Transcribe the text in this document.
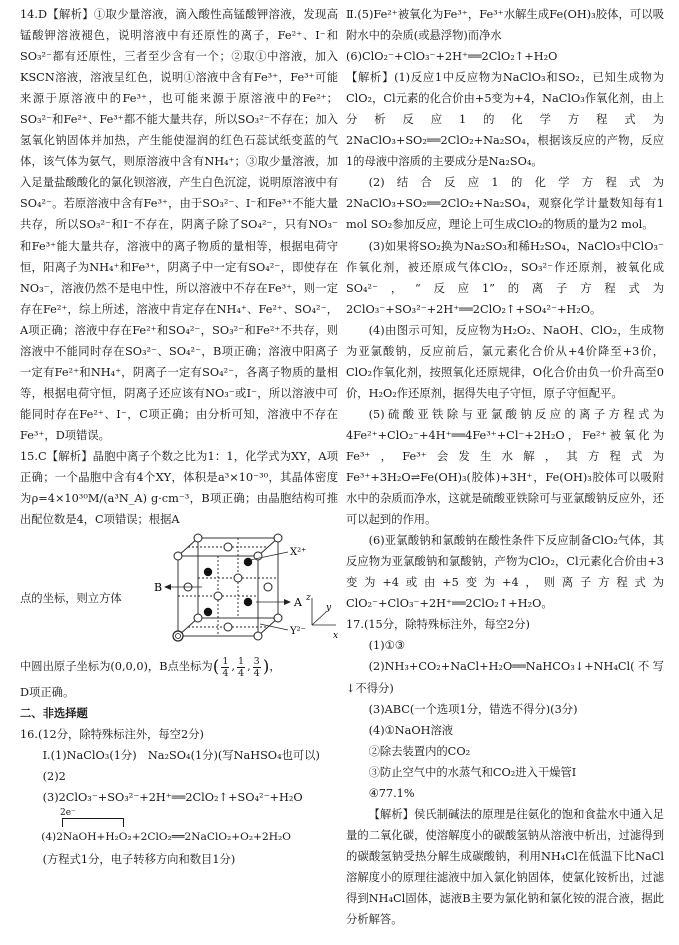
14.D【解析】①取少量溶液，滴入酸性高锰酸钾溶液，发现高锰酸钾溶液褪色，说明溶液中有还原性的离子，Fe²⁺、I⁻和SO₃²⁻都有还原性，三者至少含有一个；②取①中溶液，加入KSCN溶液，溶液呈红色，说明①溶液中含有Fe³⁺，Fe³⁺可能来源于原溶液中的Fe³⁺，也可能来源于原溶液中的Fe²⁺；SO₃²⁻和Fe²⁺、Fe³⁺都不能大量共存，所以SO₃²⁻不存在；加入氢氧化钠固体并加热，产生能使湿润的红色石蕊试纸变蓝的气体，该气体为氨气，则原溶液中含有NH₄⁺；③取少量溶液，加入足量盐酸酸化的氯化钡溶液，产生白色沉淀，说明原溶液中有SO₄²⁻。若原溶液中含有Fe³⁺，由于SO₃²⁻、I⁻和Fe³⁺不能大量共存，所以SO₃²⁻和I⁻不存在，阴离子除了SO₄²⁻，只有NO₃⁻和Fe³⁺能大量共存，溶液中的离子物质的量相等，根据电荷守恒，阳离子为NH₄⁺和Fe³⁺，阴离子中一定有SO₄²⁻，即使存在NO₃⁻，溶液仍然不是电中性，所以溶液中不存在Fe³⁺，则一定存在Fe²⁺，综上所述，溶液中肯定存在NH₄⁺、Fe²⁺、SO₄²⁻，A项正确；溶液中存在Fe²⁺和SO₄²⁻，SO₃²⁻和Fe²⁺不共存，则溶液中不能同时存在SO₃²⁻、SO₄²⁻，B项正确；溶液中阳离子一定有Fe²⁺和NH₄⁺，阴离子一定有SO₄²⁻，各离子物质的量相等，根据电荷守恒，阴离子还应该有NO₃⁻或I⁻，所以溶液中可能同时存在Fe²⁺、I⁻，C项正确；由分析可知，溶液中不存在Fe³⁺，D项错误。

15.C【解析】晶胞中离子个数之比为1：1，化学式为XY，A项正确；一个晶胞中含有4个XY，体积是a³×10⁻³⁰，其晶体密度为ρ=4×10³⁰M/(a³N_A) g·cm⁻³，B项正确；由晶胞结构可推出配位数是4，C项错误；根据A

点的坐标，则立方体
B
A
X²⁺
Y²⁻
z
y
x

中圆出原子坐标为(0,0,0)，B点坐标为( $\frac{1}{4}$ , $\frac{1}{4}$ , $\frac{3}{4}$ )，

D项正确。

二、非选择题

16.(12分，除特殊标注外，每空2分)

Ⅰ.(1)NaClO₃(1分)　Na₂SO₄(1分)(写NaHSO₄也可以)

(2)2

(3)2ClO₃⁻+SO₃²⁻+2H⁺══2ClO₂↑+SO₄²⁻+H₂O

2e⁻

(4)2NaOH+H₂O₂+2ClO₂══2NaClO₂+O₂+2H₂O

(方程式1分，电子转移方向和数目1分)

Ⅱ.(5)Fe²⁺被氧化为Fe³⁺，Fe³⁺水解生成Fe(OH)₃胶体，可以吸附水中的杂质(或悬浮物)而净水

(6)ClO₂⁻+ClO₃⁻+2H⁺══2ClO₂↑+H₂O

【解析】(1)反应1中反应物为NaClO₃和SO₂，已知生成物为ClO₂，Cl元素的化合价由+5变为+4，NaClO₃作氧化剂，由上分析反应1的化学方程式为2NaClO₃+SO₂══2ClO₂+Na₂SO₄，根据该反应的产物，反应1的母液中溶质的主要成分是Na₂SO₄。

(2)结合反应1的化学方程式为2NaClO₃+SO₂══2ClO₂+Na₂SO₄，观察化学计量数知每有1 mol SO₂参加反应，理论上可生成ClO₂的物质的量为2 mol。

(3)如果将SO₂换为Na₂SO₃和稀H₂SO₄，NaClO₃中ClO₃⁻作氧化剂，被还原成气体ClO₂，SO₃²⁻作还原剂，被氧化成SO₄²⁻，“反应1”的离子方程式为2ClO₃⁻+SO₃²⁻+2H⁺══2ClO₂↑+SO₄²⁻+H₂O。

(4)由图示可知，反应物为H₂O₂、NaOH、ClO₂，生成物为亚氯酸钠，反应前后，氯元素化合价从+4价降至+3价，ClO₂作氧化剂，按照氧化还原规律，O化合价由负一价升高至0价，H₂O₂作还原剂，据得失电子守恒，原子守恒配平。

(5)硫酸亚铁除与亚氯酸钠反应的离子方程式为4Fe²⁺+ClO₂⁻+4H⁺══4Fe³⁺+Cl⁻+2H₂O，Fe²⁺被氧化为Fe³⁺，Fe³⁺会发生水解，其方程式为Fe³⁺+3H₂O⇌Fe(OH)₃(胶体)+3H⁺，Fe(OH)₃胶体可以吸附水中的杂质而净水，这就是硫酸亚铁除可与亚氯酸钠反应外，还可以起到的作用。

(6)亚氯酸钠和氯酸钠在酸性条件下反应制备ClO₂气体，其反应物为亚氯酸钠和氯酸钠，产物为ClO₂，Cl元素化合价由+3变为+4或由+5变为+4，则离子方程式为ClO₂⁻+ClO₃⁻+2H⁺══2ClO₂↑+H₂O。

17.(15分，除特殊标注外，每空2分)

(1)①③

(2)NH₃+CO₂+NaCl+H₂O══NaHCO₃↓+NH₄Cl(不写↓不得分)

(3)ABC(一个选项1分，错选不得分)(3分)

(4)①NaOH溶液

②除去装置内的CO₂

③防止空气中的水蒸气和CO₂进入干燥管Ⅰ

④77.1%

【解析】侯氏制碱法的原理是往氨化的饱和食盐水中通入足量的二氧化碳，使溶解度小的碳酸氢钠从溶液中析出，过滤得到的碳酸氢钠受热分解生成碳酸钠，利用NH₄Cl在低温下比NaCl溶解度小的原理往滤液中加入氯化钠固体，使氯化铵析出，过滤得到NH₄Cl固体，滤液B主要为氯化钠和氯化铵的混合液，据此分析解答。
